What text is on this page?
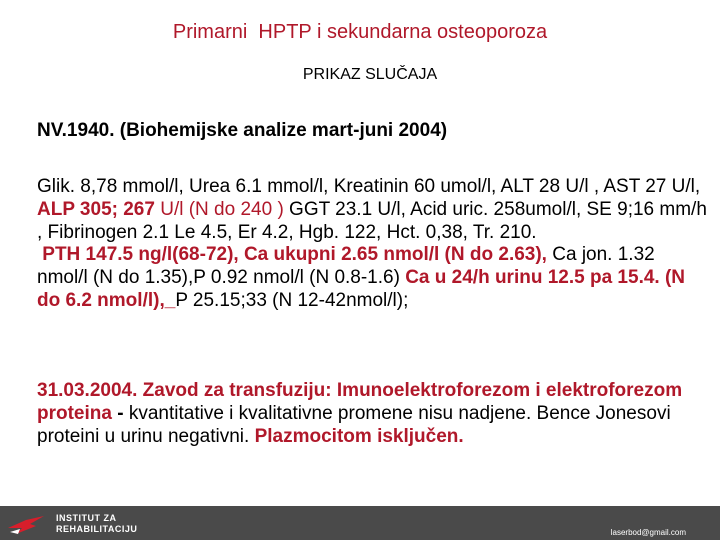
Primarni  HPTP i sekundarna osteoporoza
PRIKAZ SLUČAJA
NV.1940. (Biohemijske analize mart-juni 2004)
Glik. 8,78 mmol/l, Urea 6.1 mmol/l, Kreatinin 60 umol/l, ALT 28 U/l , AST 27 U/l, ALP 305; 267 U/l (N do 240 ) GGT 23.1 U/l, Acid uric. 258umol/l, SE 9;16 mm/h , Fibrinogen 2.1 Le 4.5, Er 4.2, Hgb. 122, Hct. 0,38, Tr. 210.
PTH 147.5 ng/l(68-72), Ca ukupni 2.65 nmol/l (N do 2.63), Ca jon. 1.32 nmol/l (N do 1.35),P 0.92 nmol/l (N 0.8-1.6) Ca u 24/h urinu 12.5 pa 15.4. (N do 6.2 nmol/l),_P 25.15;33 (N 12-42nmol/l);
31.03.2004. Zavod za transfuziju: Imunoelektroforezom i elektroforezom proteina - kvantitative i kvalitativne promene nisu nadjene. Bence Jonesovi proteini u urinu negativni. Plazmocitom isključen.
INSTITUT ZA
REHABILITACIJU	laserbod@gmail.com
